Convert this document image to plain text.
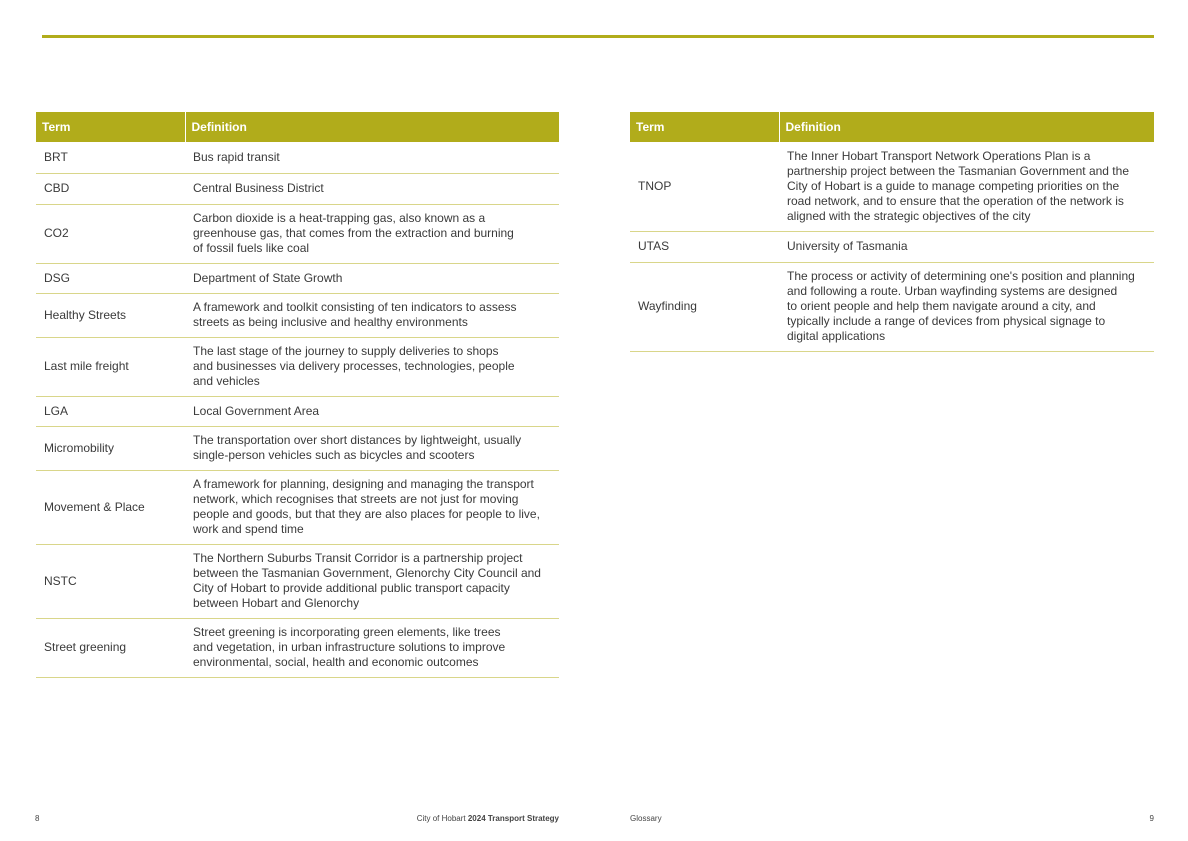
Term	Definition
BRT	Bus rapid transit

CBD	Central Business District

CO2	Carbon dioxide is a heat-trapping gas, also known as a
greenhouse gas, that comes from the extraction and burning
of fossil fuels like coal

DSG	Department of State Growth

Healthy Streets	A framework and toolkit consisting of ten indicators to assess
streets as being inclusive and healthy environments

Last mile freight	The last stage of the journey to supply deliveries to shops
and businesses via delivery processes, technologies, people
and vehicles

LGA	Local Government Area

Micromobility	The transportation over short distances by lightweight, usually
single-person vehicles such as bicycles and scooters

Movement & Place	A framework for planning, designing and managing the transport
network, which recognises that streets are not just for moving
people and goods, but that they are also places for people to live,
work and spend time

NSTC	The Northern Suburbs Transit Corridor is a partnership project
between the Tasmanian Government, Glenorchy City Council and
City of Hobart to provide additional public transport capacity
between Hobart and Glenorchy

Street greening	Street greening is incorporating green elements, like trees
and vegetation, in urban infrastructure solutions to improve
environmental, social, health and economic outcomes
Term	Definition
TNOP	The Inner Hobart Transport Network Operations Plan is a
partnership project between the Tasmanian Government and the
City of Hobart is a guide to manage competing priorities on the
road network, and to ensure that the operation of the network is
aligned with the strategic objectives of the city

UTAS	University of Tasmania

Wayfinding	The process or activity of determining one's position and planning
and following a route. Urban wayfinding systems are designed
to orient people and help them navigate around a city, and
typically include a range of devices from physical signage to
digital applications
8	City of Hobart 2024 Transport Strategy	Glossary	9
